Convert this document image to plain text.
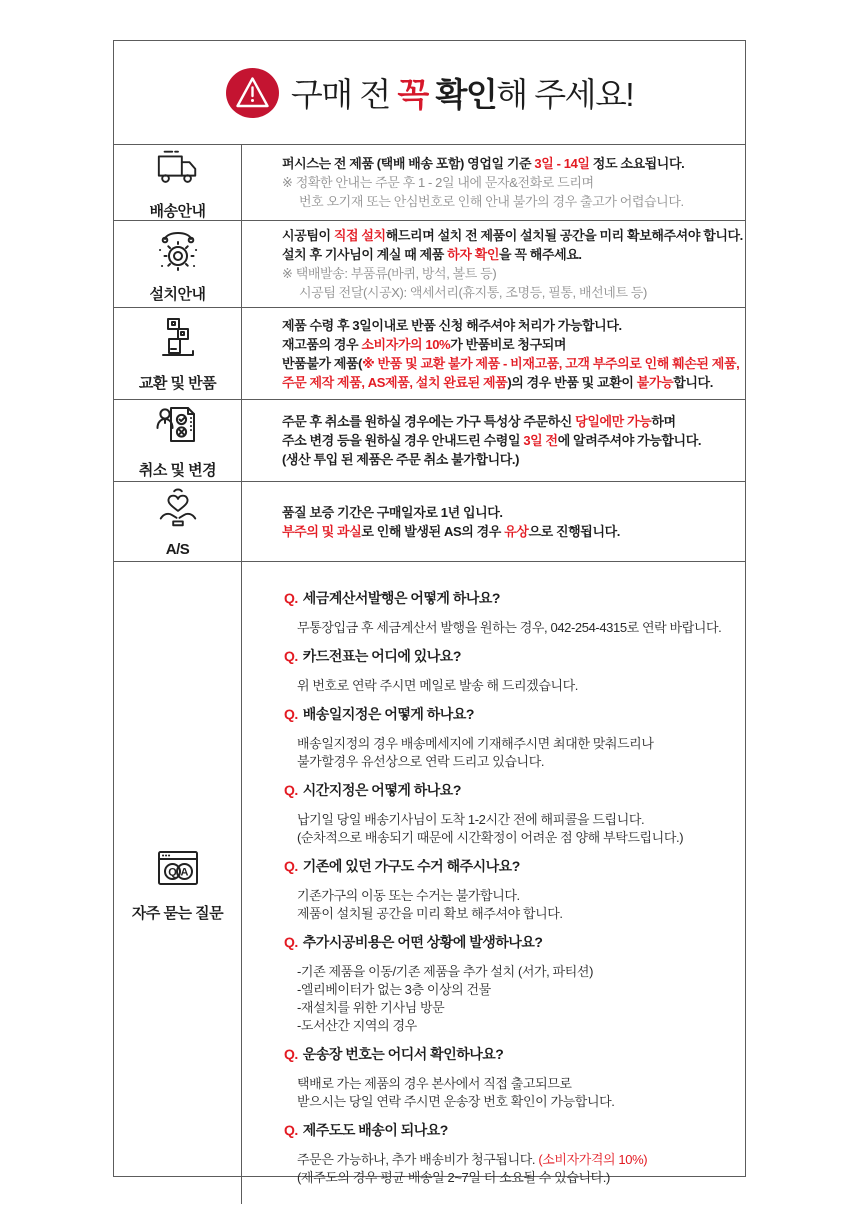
구매 전 꼭 확인해 주세요!
배송안내
퍼시스는 전 제품 (택배 배송 포함) 영업일 기준 3일 - 14일 정도 소요됩니다.
※ 정확한 안내는 주문 후 1 - 2일 내에 문자&전화로 드리며
번호 오기재 또는 안심번호로 인해 안내 불가의 경우 출고가 어렵습니다.
설치안내
시공팀이 직접 설치해드리며 설치 전 제품이 설치될 공간을 미리 확보해주셔야 합니다.
설치 후 기사님이 계실 때 제품 하자 확인을 꼭 해주세요.
※ 택배발송: 부품류(바퀴, 방석, 볼트 등)
시공팀 전달(시공X): 액세서리(휴지통, 조명등, 필통, 배선네트 등)
교환 및 반품
제품 수령 후 3일이내로 반품 신청 해주셔야 처리가 가능합니다.
재고품의 경우 소비자가의 10%가 반품비로 청구되며
반품불가 제품(※ 반품 및 교환 불가 제품 - 비재고품, 고객 부주의로 인해 훼손된 제품,
주문 제작 제품, AS제품, 설치 완료된 제품)의 경우 반품 및 교환이 불가능합니다.
취소 및 변경
주문 후 취소를 원하실 경우에는 가구 특성상 주문하신 당일에만 가능하며
주소 변경 등을 원하실 경우 안내드린 수령일 3일 전에 알려주셔야 가능합니다.
(생산 투입 된 제품은 주문 취소 불가합니다.)
A/S
품질 보증 기간은 구매일자로 1년 입니다.
부주의 및 과실로 인해 발생된 AS의 경우 유상으로 진행됩니다.
Q A
자주 묻는 질문
Q. 세금계산서발행은 어떻게 하나요?
무통장입금 후 세금계산서 발행을 원하는 경우, 042-254-4315로 연락 바랍니다.
Q. 카드전표는 어디에 있나요?
위 번호로 연락 주시면 메일로 발송 해 드리겠습니다.
Q. 배송일지정은 어떻게 하나요?
배송일지정의 경우 배송메세지에 기재해주시면 최대한 맞춰드리나
불가할경우 유선상으로 연락 드리고 있습니다.
Q. 시간지정은 어떻게 하나요?
납기일 당일 배송기사님이 도착 1-2시간 전에 해피콜을 드립니다.
(순차적으로 배송되기 때문에 시간확정이 어려운 점 양해 부탁드립니다.)
Q. 기존에 있던 가구도 수거 해주시나요?
기존가구의 이동 또는 수거는 불가합니다.
제품이 설치될 공간을 미리 확보 해주셔야 합니다.
Q. 추가시공비용은 어떤 상황에 발생하나요?
-기존 제품을 이동/기존 제품을 추가 설치 (서가, 파티션)
-엘리베이터가 없는 3층 이상의 건물
-재설치를 위한 기사님 방문
-도서산간 지역의 경우
Q. 운송장 번호는 어디서 확인하나요?
택배로 가는 제품의 경우 본사에서 직접 출고되므로
받으시는 당일 연락 주시면 운송장 번호 확인이 가능합니다.
Q. 제주도도 배송이 되나요?
주문은 가능하나, 추가 배송비가 청구됩니다. (소비자가격의 10%)
(제주도의 경우 평균 배송일 2~7일 더 소요될 수 있습니다.)
